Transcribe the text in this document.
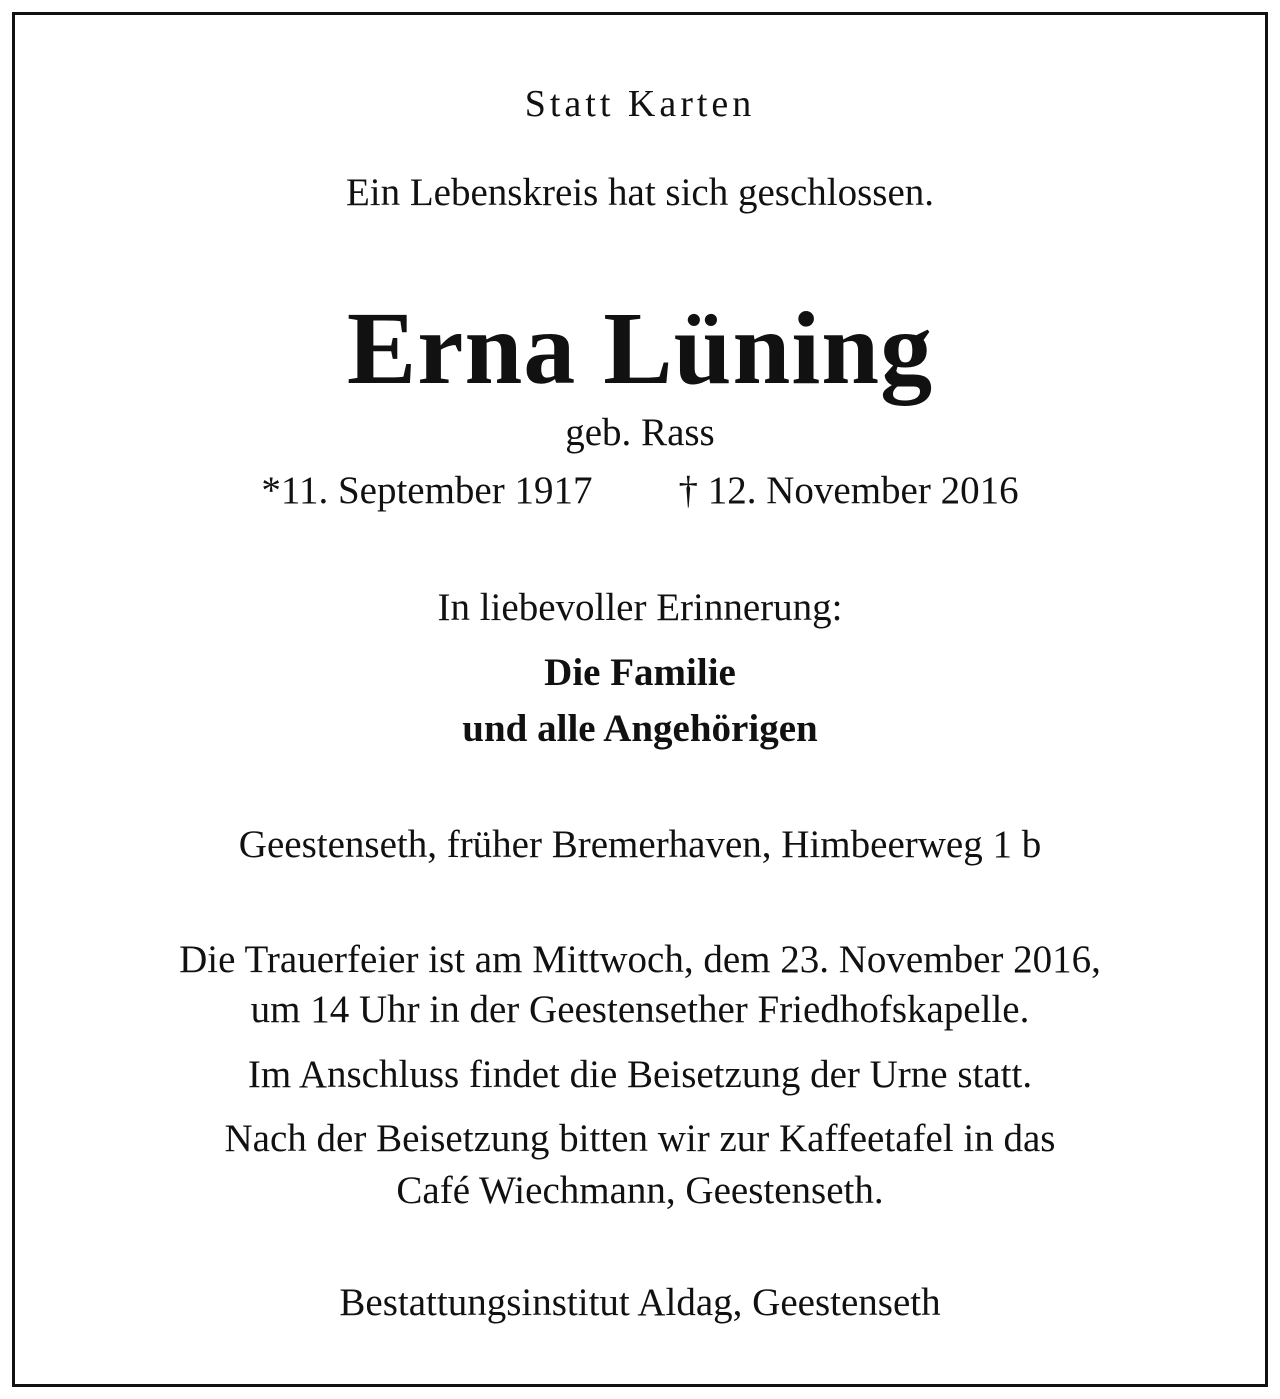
Statt Karten
Ein Lebenskreis hat sich geschlossen.
Erna Lüning
geb. Rass
*11. September 1917 † 12. November 2016
In liebevoller Erinnerung:
Die Familie
und alle Angehörigen
Geestenseth, früher Bremerhaven, Himbeerweg 1 b
Die Trauerfeier ist am Mittwoch, dem 23. November 2016,
um 14 Uhr in der Geestensether Friedhofskapelle.
Im Anschluss findet die Beisetzung der Urne statt.
Nach der Beisetzung bitten wir zur Kaffeetafel in das
Café Wiechmann, Geestenseth.
Bestattungsinstitut Aldag, Geestenseth
